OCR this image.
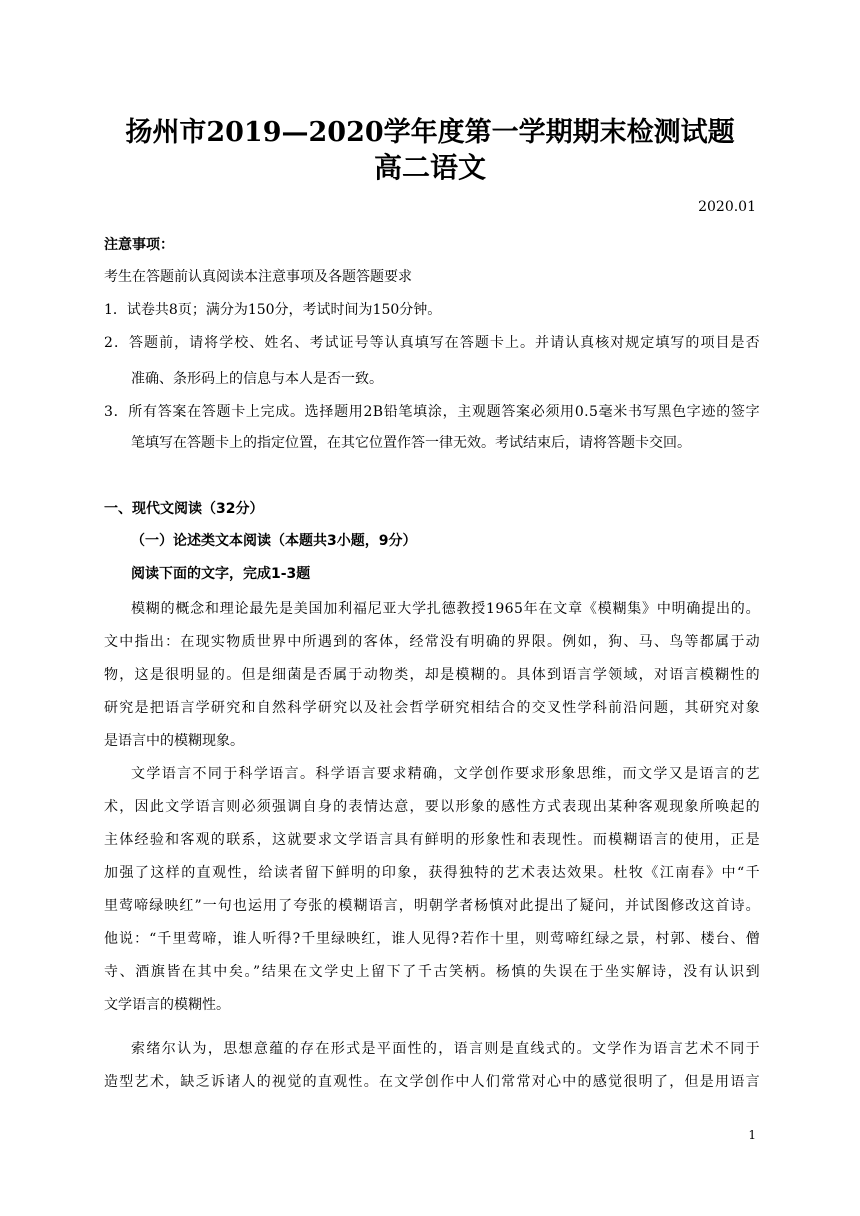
扬州市2019—2020学年度第一学期期末检测试题
高二语文
2020.01
注意事项：
考生在答题前认真阅读本注意事项及各题答题要求
1．试卷共8页；满分为150分，考试时间为150分钟。
2．答题前，请将学校、姓名、考试证号等认真填写在答题卡上。并请认真核对规定填写的项目是否
准确、条形码上的信息与本人是否一致。
3．所有答案在答题卡上完成。选择题用2B铅笔填涂，主观题答案必须用0.5毫米书写黑色字迹的签字
笔填写在答题卡上的指定位置，在其它位置作答一律无效。考试结束后，请将答题卡交回。
一、现代文阅读（32分）
（一）论述类文本阅读（本题共3小题，9分）
阅读下面的文字，完成1-3题
模糊的概念和理论最先是美国加利福尼亚大学扎德教授1965年在文章《模糊集》中明确提出的。
文中指出：在现实物质世界中所遇到的客体，经常没有明确的界限。例如，狗、马、鸟等都属于动
物，这是很明显的。但是细菌是否属于动物类，却是模糊的。具体到语言学领域，对语言模糊性的
研究是把语言学研究和自然科学研究以及社会哲学研究相结合的交叉性学科前沿问题，其研究对象
是语言中的模糊现象。
文学语言不同于科学语言。科学语言要求精确，文学创作要求形象思维，而文学又是语言的艺
术，因此文学语言则必须强调自身的表情达意，要以形象的感性方式表现出某种客观现象所唤起的
主体经验和客观的联系，这就要求文学语言具有鲜明的形象性和表现性。而模糊语言的使用，正是
加强了这样的直观性，给读者留下鲜明的印象，获得独特的艺术表达效果。杜牧《江南春》中“千
里莺啼绿映红”一句也运用了夸张的模糊语言，明朝学者杨慎对此提出了疑问，并试图修改这首诗。
他说：“千里莺啼，谁人听得?千里绿映红，谁人见得?若作十里，则莺啼红绿之景，村郭、楼台、僧
寺、酒旗皆在其中矣。”结果在文学史上留下了千古笑柄。杨慎的失误在于坐实解诗，没有认识到
文学语言的模糊性。
索绪尔认为，思想意蕴的存在形式是平面性的，语言则是直线式的。文学作为语言艺术不同于
造型艺术，缺乏诉诸人的视觉的直观性。在文学创作中人们常常对心中的感觉很明了，但是用语言
1
